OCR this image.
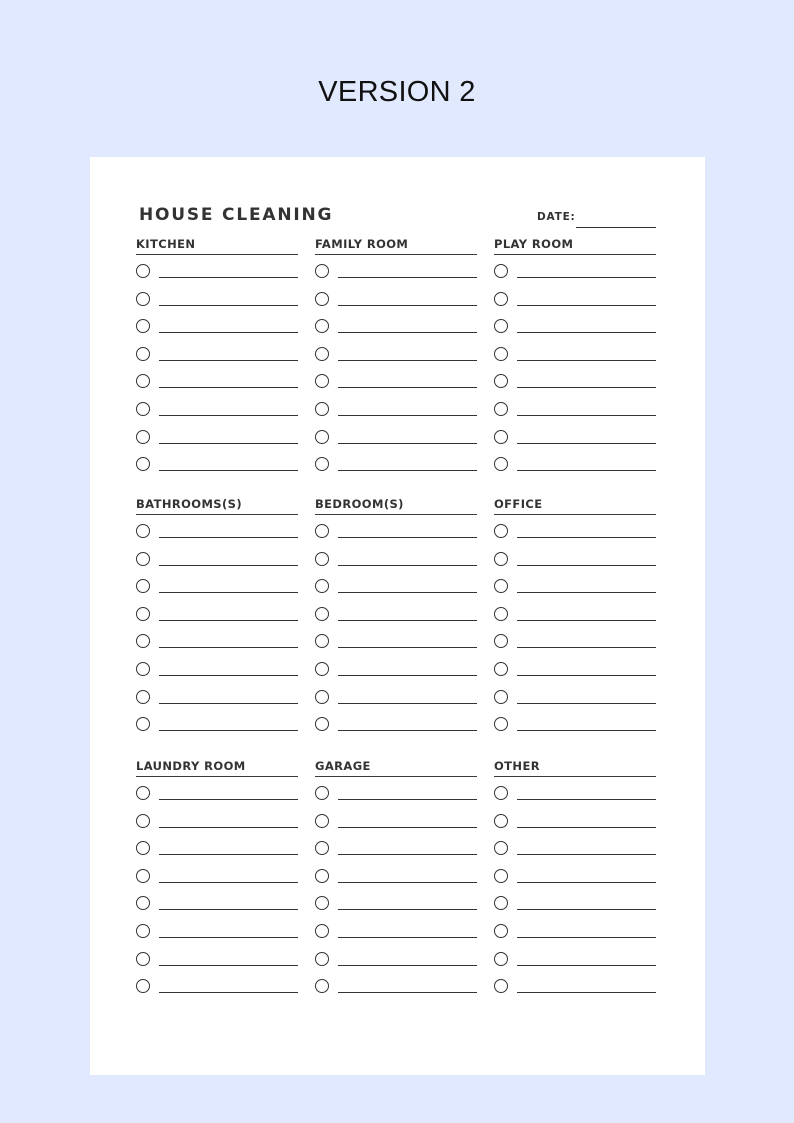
VERSION 2
HOUSE CLEANING	DATE:
KITCHEN	FAMILY ROOM	PLAY ROOM
BATHROOMS(S)	BEDROOM(S)	OFFICE
LAUNDRY ROOM	GARAGE	OTHER
